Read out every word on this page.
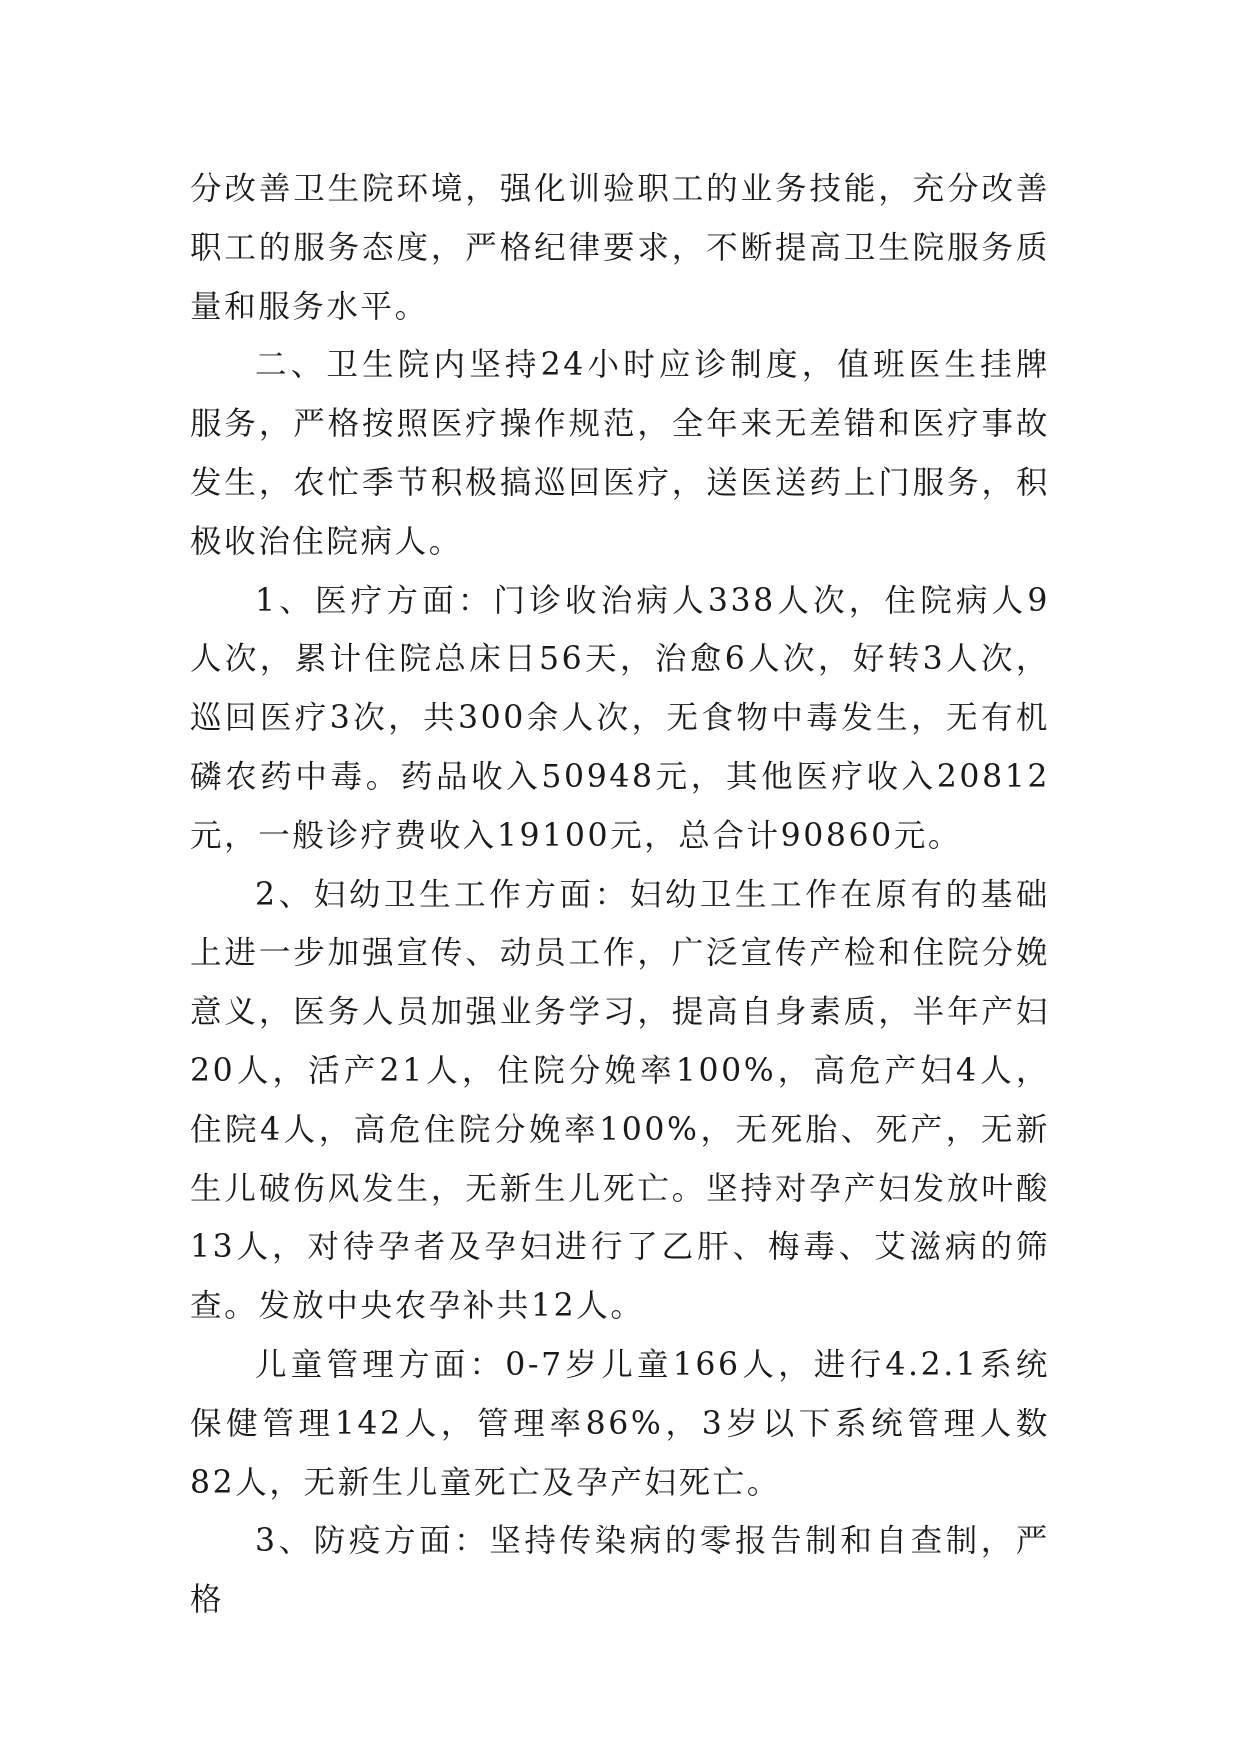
分改善卫生院环境，强化训验职工的业务技能，充分改善职工的服务态度，严格纪律要求，不断提高卫生院服务质量和服务水平。

二、卫生院内坚持24小时应诊制度，值班医生挂牌服务，严格按照医疗操作规范，全年来无差错和医疗事故发生，农忙季节积极搞巡回医疗，送医送药上门服务，积极收治住院病人。

1、医疗方面：门诊收治病人338人次，住院病人9人次，累计住院总床日56天，治愈6人次，好转3人次，巡回医疗3次，共300余人次，无食物中毒发生，无有机磷农药中毒。药品收入50948元，其他医疗收入20812元，一般诊疗费收入19100元，总合计90860元。

2、妇幼卫生工作方面：妇幼卫生工作在原有的基础上进一步加强宣传、动员工作，广泛宣传产检和住院分娩意义，医务人员加强业务学习，提高自身素质，半年产妇20人，活产21人，住院分娩率100%，高危产妇4人，住院4人，高危住院分娩率100%，无死胎、死产，无新生儿破伤风发生，无新生儿死亡。坚持对孕产妇发放叶酸13人，对待孕者及孕妇进行了乙肝、梅毒、艾滋病的筛查。发放中央农孕补共12人。

儿童管理方面：0-7岁儿童166人，进行4.2.1系统保健管理142人，管理率86%，3岁以下系统管理人数82人，无新生儿童死亡及孕产妇死亡。

3、防疫方面：坚持传染病的零报告制和自查制，严格
